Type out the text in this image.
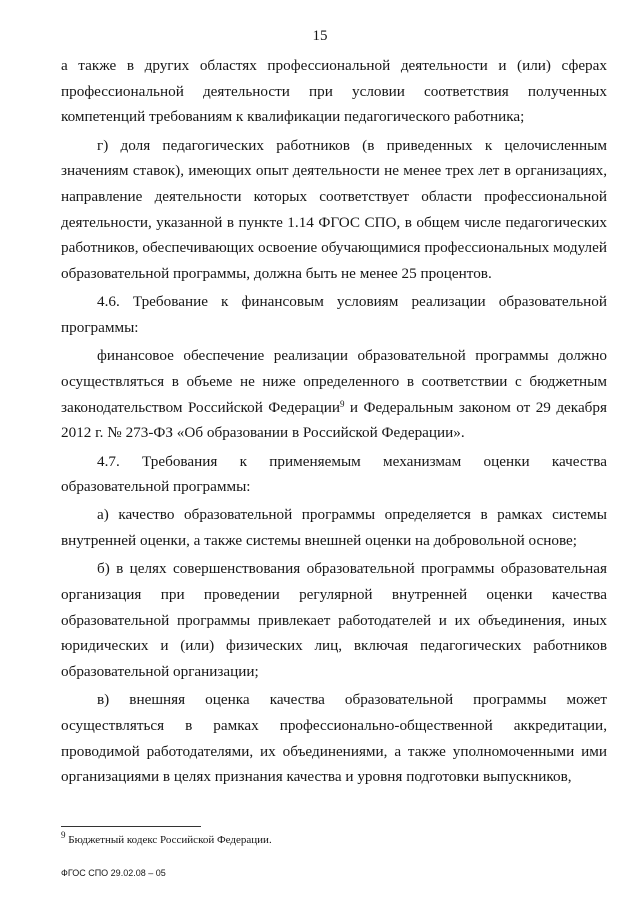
15

а также в других областях профессиональной деятельности и (или) сферах профессиональной деятельности при условии соответствия полученных компетенций требованиям к квалификации педагогического работника;

г) доля педагогических работников (в приведенных к целочисленным значениям ставок), имеющих опыт деятельности не менее трех лет в организациях, направление деятельности которых соответствует области профессиональной деятельности, указанной в пункте 1.14 ФГОС СПО, в общем числе педагогических работников, обеспечивающих освоение обучающимися профессиональных модулей образовательной программы, должна быть не менее 25 процентов.

4.6. Требование к финансовым условиям реализации образовательной программы:

финансовое обеспечение реализации образовательной программы должно осуществляться в объеме не ниже определенного в соответствии с бюджетным законодательством Российской Федерации$^9$ и Федеральным законом от 29 декабря 2012 г. № 273-ФЗ «Об образовании в Российской Федерации».

4.7. Требования к применяемым механизмам оценки качества образовательной программы:

а) качество образовательной программы определяется в рамках системы внутренней оценки, а также системы внешней оценки на добровольной основе;

б) в целях совершенствования образовательной программы образовательная организация при проведении регулярной внутренней оценки качества образовательной программы привлекает работодателей и их объединения, иных юридических и (или) физических лиц, включая педагогических работников образовательной организации;

в) внешняя оценка качества образовательной программы может осуществляться в рамках профессионально-общественной аккредитации, проводимой работодателями, их объединениями, а также уполномоченными ими организациями в целях признания качества и уровня подготовки выпускников,

$^9$ Бюджетный кодекс Российской Федерации.
ФГОС СПО 29.02.08 – 05
